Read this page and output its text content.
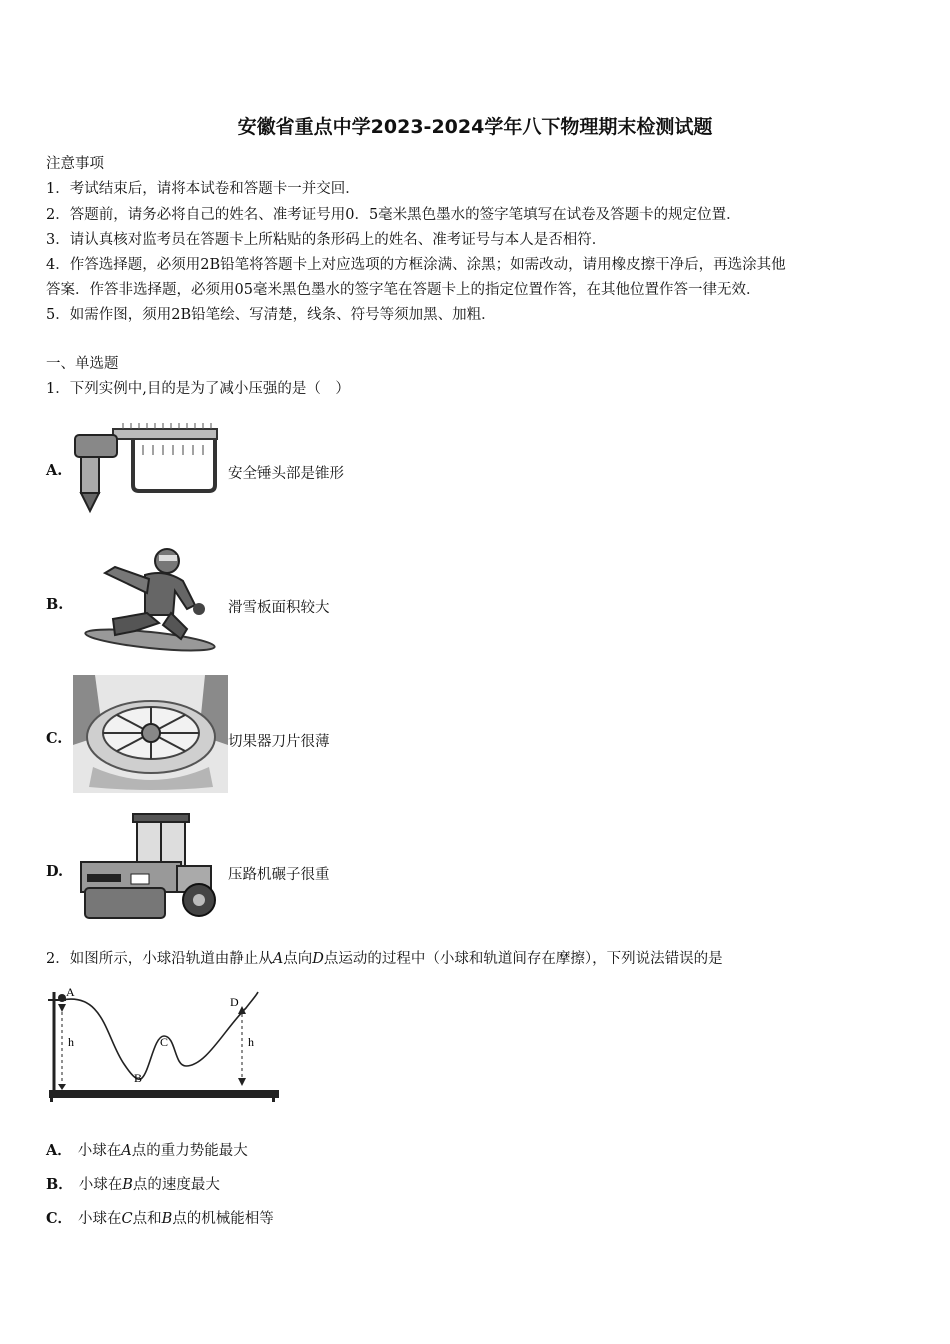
安徽省重点中学2023-2024学年八下物理期末检测试题
注意事项
1．考试结束后，请将本试卷和答题卡一并交回．
2．答题前，请务必将自己的姓名、准考证号用0．5毫米黑色墨水的签字笔填写在试卷及答题卡的规定位置．
3．请认真核对监考员在答题卡上所粘贴的条形码上的姓名、准考证号与本人是否相符．
4．作答选择题，必须用2B铅笔将答题卡上对应选项的方框涂满、涂黑；如需改动，请用橡皮擦干净后，再选涂其他
答案．作答非选择题，必须用05毫米黑色墨水的签字笔在答题卡上的指定位置作答，在其他位置作答一律无效．
5．如需作图，须用2B铅笔绘、写清楚，线条、符号等须加黑、加粗．
一、单选题
1．下列实例中,目的是为了减小压强的是（　）
A.	安全锤头部是锥形
B.	滑雪板面积较大
C.	切果器刀片很薄
D.	压路机碾子很重
2．如图所示，小球沿轨道由静止从A点向D点运动的过程中（小球和轨道间存在摩擦），下列说法错误的是
A
B
C
D
h	h
A． 小球在A点的重力势能最大
B． 小球在B点的速度最大
C． 小球在C点和B点的机械能相等
